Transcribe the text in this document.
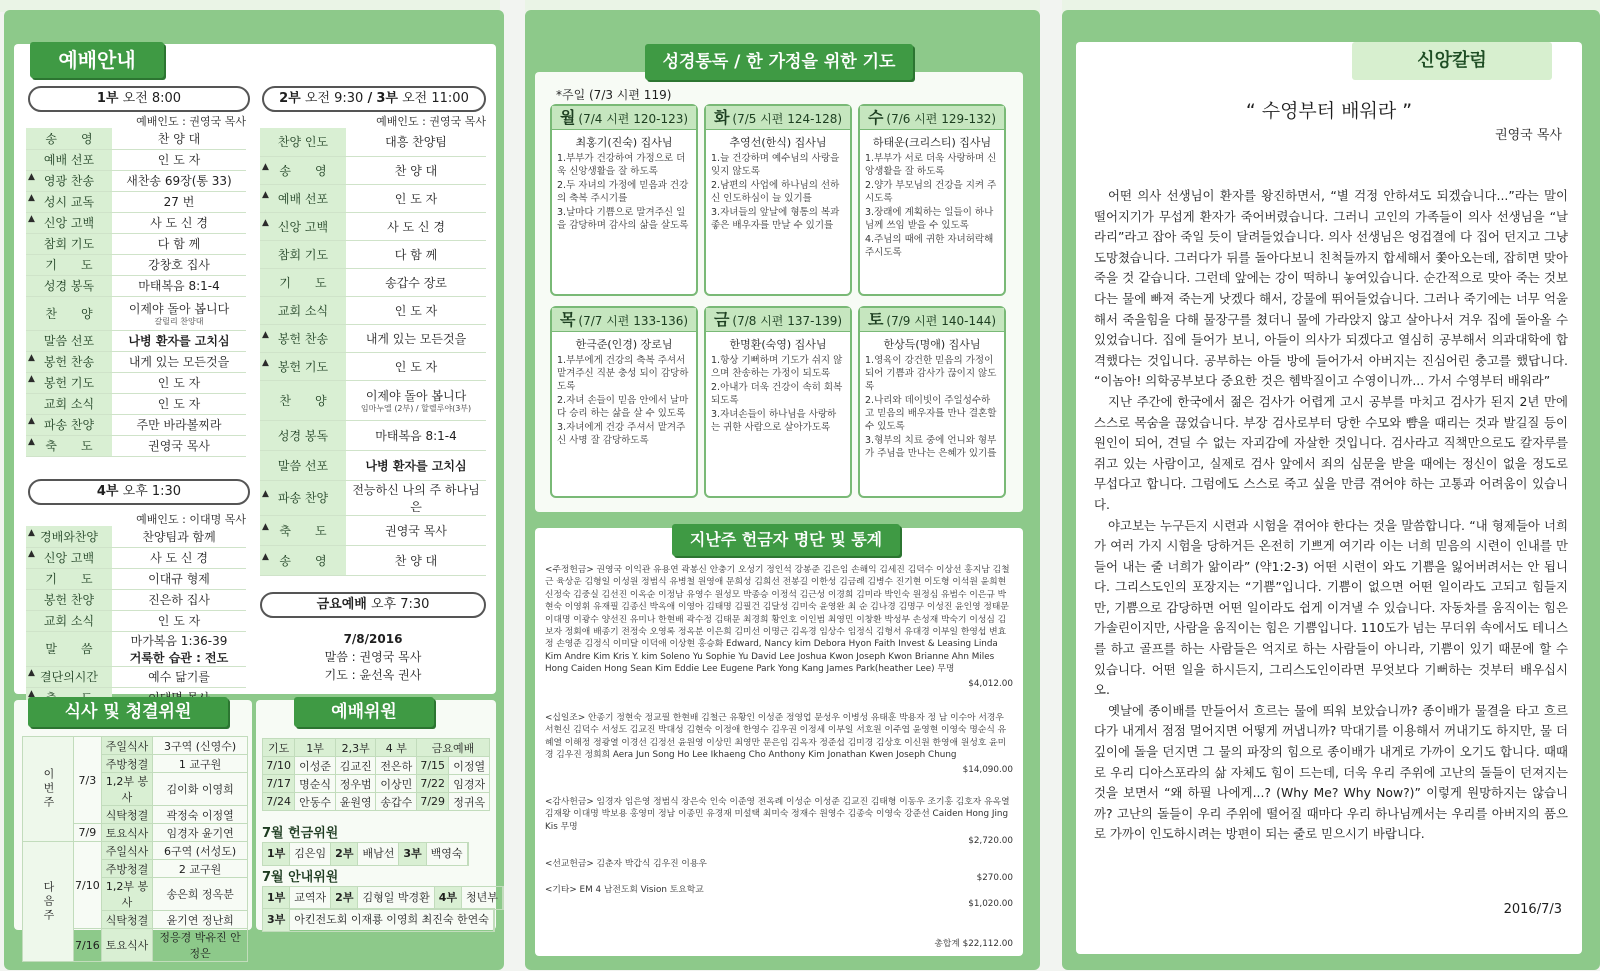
예배안내
1부 오전 8:00
예배인도 : 권영국 목사
송　　영	찬 양 대
예배 선포	인 도 자
▲ 영광 찬송	새찬송 69장(통 33)
▲ 성시 교독	27 번
▲ 신앙 고백	사 도 신 경
참회 기도	다 함 께
기　　도	강창호 집사
성경 봉독	마태복음 8:1-4
찬　　양	이제야 돌아 봅니다
갈릴리 찬양대

말씀 선포	나병 환자를 고치심
▲ 봉헌 찬송	내게 있는 모든것을
▲ 봉헌 기도	인 도 자
교회 소식	인 도 자
▲ 파송 찬양	주만 바라볼찌라
▲ 축　　도	권영국 목사
2부 오전 9:30 / 3부 오전 11:00
예배인도 : 권영국 목사
찬양 인도	대흥 찬양팀
▲ 송　　영	찬 양 대
▲ 예배 선포	인 도 자
▲ 신앙 고백	사 도 신 경
참회 기도	다 함 께
기　　도	송갑수 장로
교회 소식	인 도 자
▲ 봉헌 찬송	내게 있는 모든것을
▲ 봉헌 기도	인 도 자
찬　　양	이제야 돌아 봅니다
임마누엘 (2부) / 할렐루야(3부)

성경 봉독	마태복음 8:1-4
말씀 선포	나병 환자를 고치심
▲ 파송 찬양	전능하신 나의 주 하나님은
▲ 축　　도	권영국 목사
▲ 송　　영	찬 양 대
4부 오후 1:30
예배인도 : 이대명 목사
▲ 경배와찬양	찬양팀과 함께
▲ 신앙 고백	사 도 신 경
기　　도	이대규 형제
봉헌 찬양	진은하 집사
교회 소식	인 도 자
말　　씀	마가복음 1:36-39
거룩한 습관 : 전도

▲ 결단의시간	예수 닮기를
▲	
금요예배 오후 7:30
7/8/2016
말씀 : 권영국 목사
기도 : 윤선옥 권사
식사 및 청결위원
이번주	7/3	주일식사	3구역 (신영수)
		주방청결	1 교구원
		1,2부 봉사	김이화 이영희
		식탁청결	곽정숙 이정열
	7/9	토요식사	임경자 윤기연
다음주	7/10	주일식사	6구역 (서성도)
		주방청결	2 교구원
		1,2부 봉사	송은희 정옥분
		식탁청결	윤기연 정난희
	7/16	토요식사	정응경 박유진 안정은
예배위원
기도	1부	2,3부	4 부	금요예배	
7/10	이성준	김교진	전은하	7/15	이정열
7/17	명순식	정우범	이상민	7/22	임경자
7/24	안동수	윤원영	송갑수	7/29	정귀옥
7월 헌금위원
1부 김은임 2부 배남선 3부 백영숙
7월 안내위원
1부 교역자 2부 김형일 박경환 4부 청년부
3부 아킨전도회 이재룡 이영희 최진숙 한연숙
성경통독 / 한 가정을 위한 기도
*주일 (7/3 시편 119)
월 (7/4 시편 120-123)
최홍기(진숙) 집사님

1.부부가 건강하여 가정으로 더욱 신앙생활을 잘 하도록

2.두 자녀의 가정에 믿음과 건강의 축복 주시기를

3.날마다 기쁨으로 말겨주신 일을 감당하며 감사의 삶을 살도록

화 (7/5 시편 124-128)
추영선(한식) 집사님

1.늘 건강하며 예수님의 사랑을 잊지 않도록

2.남편의 사업에 하나님의 선하신 인도하심이 늘 있기를

3.자녀들의 앞날에 형통의 복과 좋은 배우자를 만날 수 있기를

수 (7/6 시편 129-132)
하태운(크리스티) 집사님

1.부부가 서로 더욱 사랑하며 신앙생활을 잘 하도록

2.양가 부모님의 건강을 지켜 주시도록

3.장래에 계획하는 일들이 하나님께 쓰임 받을 수 있도록

4.주님의 때에 귀한 자녀허락해 주시도록

목 (7/7 시편 133-136)
한극준(인경) 장로님

1.부부에게 건강의 축복 주셔서 맡겨주신 직분 충성 되이 감당하도록

2.자녀 손들이 믿음 안에서 날마다 승리 하는 삶을 살 수 있도록

3.자녀에게 건강 주셔서 맡겨주신 사명 잘 감당하도록

금 (7/8 시편 137-139)
한명환(숙영) 집사님

1.항상 기뻐하며 기도가 쉬지 않으며 찬송하는 가정이 되도록

2.아내가 더욱 건강이 속히 회복되도록

3.자녀손들이 하나님을 사랑하는 귀한 사람으로 살아가도록

토 (7/9 시편 140-144)
한상득(명애) 집사님

1.영육이 강건한 믿음의 가정이 되어 기쁨과 감사가 끊이지 않도록

2.나리와 데이빗이 주일성수하고 믿음의 배우자를 만나 결혼할 수 있도록

3.형부의 치료 중에 언니와 형부가 주님을 만나는 은혜가 있기를

지난주 헌금자 명단 및 통계
<주정헌금> 권영국 이익관 유용연 곽봉신 안충기 오성기 정인석 강봉준 김은임 손해익 김세진 김덕수 이상선 홍지남 김철근 육상운 김형일 이성원 정범식 유병철 원영애 문희성 김희선 전봉길 이한성 김금례 김병수 진기현 이도형 이석원 윤희현 신정숙 김중실 김선진 이옥순 이정남 유영수 원성모 박종승 이정석 김근성 이경희 김미라 박인숙 원정심 유범수 이은규 박현숙 이영휘 유재필 김종신 박옥애 이영아 김태명 김필건 김달성 김미숙 윤영완 최 순 김나경 김명구 이성진 윤인영 정태문 이대명 이광수 양선진 유미나 한현배 곽수정 김태문 최경희 황인호 이인범 최영민 이창환 박성부 손성재 박숙기 이성심 김보자 정회애 배종기 전정숙 오영록 정옥분 이은희 김미선 이명근 김옥경 임상수 임정식 김형서 유대경 이부일 한영섭 변효정 손영준 김정식 이미달 이덕애 이상현 홍승화 Edward, Nancy kim Debora Hyon Faith Invest & Leasing Linda Kim Andre Kim Kris Y. kim Soleno Yu Sophie Yu David Lee Joshua Kwon Joseph Kwon Brianne Ahn Miles Hong Caiden Hong Sean Kim Eddie Lee Eugene Park Yong Kang James Park(heather Lee) 무명
$4,012.00
<십일조> 안종기 정현숙 정교필 한현배 김철근 유황인 이성준 정영업 문성우 이병성 유태훈 박용자 정 남 이수아 서경우 서현신 김덕수 서성도 김교진 박대성 김현숙 이정애 한영수 김우권 이정세 이부일 서호원 이주엽 윤영현 이영숙 명순식 유혜열 이해정 정광열 이경선 김정선 윤원영 이상민 최영만 문은임 김옥자 정준섭 김미경 김상호 이신원 한영애 원성호 윤미경 김우진 정희희 Aera Jun Song Ho Lee Ikhaeng Cho Anthony Kim Jonathan Kwen Joseph Chung
$14,090.00
<감사헌금> 임경자 임은영 정범식 장은숙 인숙 이준영 전옥례 이성순 이성준 김교진 김태형 이동우 조기홍 김호자 유옥열 김재왕 이대명 박보용 홍영미 정남 이종민 유경재 미설택 최미숙 정재수 원영수 김종숙 이영숙 강준선 Caiden Hong Jing Kis 무명
$2,720.00
<선교헌금> 김춘자 박갑식 김우진 이용우
$270.00
<기타> EM 4 남전도회 Vision 토요학교
$1,020.00
총합계 $22,112.00
신앙칼럼
“ 수영부터 배워라 ”
권영국 목사

어떤 의사 선생님이 환자를 왕진하면서, “별 걱정 안하셔도 되겠습니다...”라는 말이 떨어지기가 무섭게 환자가 죽어버렸습니다. 그러니 고인의 가족들이 의사 선생님을 “날라리”라고 잡아 죽일 듯이 달려들었습니다. 의사 선생님은 엉겁결에 다 집어 던지고 그냥 도망쳤습니다. 그러다가 뒤를 돌아다보니 친척들까지 합세해서 쫓아오는데, 잡히면 맞아죽을 것 같습니다. 그런데 앞에는 강이 떡하니 놓여있습니다. 순간적으로 맞아 죽는 것보다는 물에 빠져 죽는게 낫겠다 해서, 강물에 뛰어들었습니다. 그러나 죽기에는 너무 억울해서 죽을힘을 다해 물장구를 쳤더니 물에 가라앉지 않고 살아나서 겨우 집에 돌아올 수 있었습니다. 집에 들어가 보니, 아들이 의사가 되겠다고 열심히 공부해서 의과대학에 합격했다는 것입니다. 공부하는 아들 방에 들어가서 아버지는 진심어린 충고를 했답니다. “이놈아! 의학공부보다 중요한 것은 헴박질이고 수영이니까... 가서 수영부터 배워라”

지난 주간에 한국에서 젊은 검사가 어렵게 고시 공부를 마치고 검사가 된지 2년 만에 스스로 목숨을 끊었습니다. 부장 검사로부터 당한 수모와 뺨을 때리는 것과 발길질 등이 원인이 되어, 견딜 수 없는 자괴감에 자살한 것입니다. 검사라고 직책만으로도 칼자루를 쥐고 있는 사람이고, 실제로 검사 앞에서 죄의 심문을 받을 때에는 정신이 없을 정도로 무섭다고 합니다. 그럼에도 스스로 죽고 싶을 만큼 겪어야 하는 고통과 어려움이 있습니다.

야고보는 누구든지 시련과 시험을 겪어야 한다는 것을 말씀합니다. “내 형제들아 너희가 여러 가지 시험을 당하거든 온전히 기쁘게 여기라 이는 너희 믿음의 시련이 인내를 만들어 내는 줄 너희가 앎이라” (약1:2-3) 어떤 시련이 와도 기쁨을 잃어버려서는 안 됩니다. 그리스도인의 포장지는 “기쁨”입니다. 기쁨이 없으면 어떤 일이라도 고되고 힘들지만, 기쁨으로 감당하면 어떤 일이라도 쉽게 이겨낼 수 있습니다. 자동차를 움직이는 힘은 가솔린이지만, 사람을 움직이는 힘은 기쁨입니다. 110도가 넘는 무더위 속에서도 테니스를 하고 골프를 하는 사람들은 억지로 하는 사람들이 아니라, 기쁨이 있기 때문에 할 수 있습니다. 어떤 일을 하시든지, 그리스도인이라면 무엇보다 기뻐하는 것부터 배우십시오.

옛날에 종이배를 만들어서 흐르는 물에 띄워 보았습니까? 종이배가 물결을 타고 흐르다가 내게서 점점 멀어지면 어떻게 꺼냅니까? 막대기를 이용해서 꺼내기도 하지만, 물 더 깊이에 돌을 던지면 그 물의 파장의 힘으로 종이배가 내게로 가까이 오기도 합니다. 때때로 우리 디아스포라의 삶 자체도 힘이 드는데, 더욱 우리 주위에 고난의 돌들이 던져지는 것을 보면서 “왜 하필 나에게...? (Why Me? Why Now?)” 이렇게 원망하지는 않습니까? 고난의 돌들이 우리 주위에 떨어질 때마다 우리 하나님께서는 우리를 아버지의 품으로 가까이 인도하시려는 방편이 되는 줄로 믿으시기 바랍니다.

2016/7/3
